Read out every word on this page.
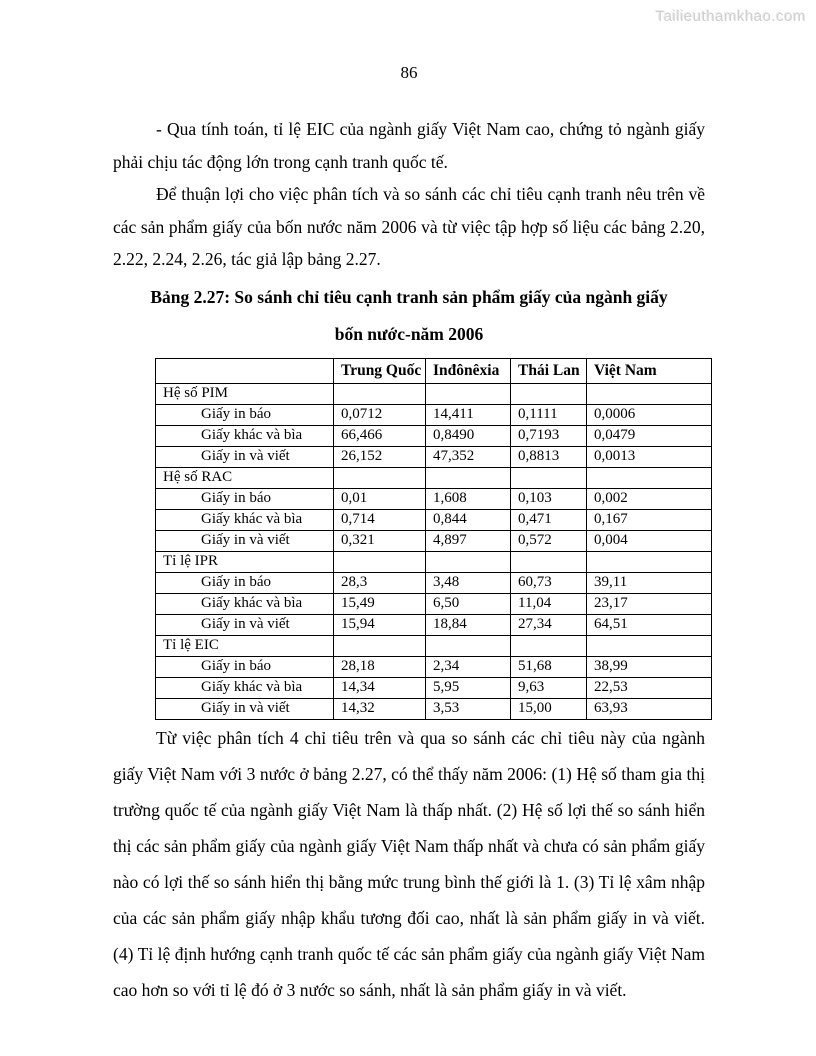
Tailieuthamkhao.com
86

- Qua tính toán, tỉ lệ EIC của ngành giấy Việt Nam cao, chứng tỏ ngành giấy phải chịu tác động lớn trong cạnh tranh quốc tế.

Để thuận lợi cho việc phân tích và so sánh các chỉ tiêu cạnh tranh nêu trên về các sản phẩm giấy của bốn nước năm 2006 và từ việc tập hợp số liệu các bảng 2.20, 2.22, 2.24, 2.26, tác giả lập bảng 2.27.

Bảng 2.27: So sánh chỉ tiêu cạnh tranh sản phẩm giấy của ngành giấy
bốn nước-năm 2006
	Trung Quốc	Inđônêxia	Thái Lan	Việt Nam
Hệ số PIM				
Giấy in báo	0,0712	14,411	0,1111	0,0006
Giấy khác và bìa	66,466	0,8490	0,7193	0,0479
Giấy in và viết	26,152	47,352	0,8813	0,0013
Hệ số RAC				
Giấy in báo	0,01	1,608	0,103	0,002
Giấy khác và bìa	0,714	0,844	0,471	0,167
Giấy in và viết	0,321	4,897	0,572	0,004
Tỉ lệ IPR				
Giấy in báo	28,3	3,48	60,73	39,11
Giấy khác và bìa	15,49	6,50	11,04	23,17
Giấy in và viết	15,94	18,84	27,34	64,51
Tỉ lệ EIC				
Giấy in báo	28,18	2,34	51,68	38,99
Giấy khác và bìa	14,34	5,95	9,63	22,53
Giấy in và viết	14,32	3,53	15,00	63,93

Từ việc phân tích 4 chỉ tiêu trên và qua so sánh các chỉ tiêu này của ngành giấy Việt Nam với 3 nước ở bảng 2.27, có thể thấy năm 2006: (1) Hệ số tham gia thị trường quốc tế của ngành giấy Việt Nam là thấp nhất. (2) Hệ số lợi thế so sánh hiển thị các sản phẩm giấy của ngành giấy Việt Nam thấp nhất và chưa có sản phẩm giấy nào có lợi thế so sánh hiển thị bằng mức trung bình thế giới là 1. (3) Tỉ lệ xâm nhập của các sản phẩm giấy nhập khẩu tương đối cao, nhất là sản phẩm giấy in và viết. (4) Tỉ lệ định hướng cạnh tranh quốc tế các sản phẩm giấy của ngành giấy Việt Nam cao hơn so với tỉ lệ đó ở 3 nước so sánh, nhất là sản phẩm giấy in và viết.
